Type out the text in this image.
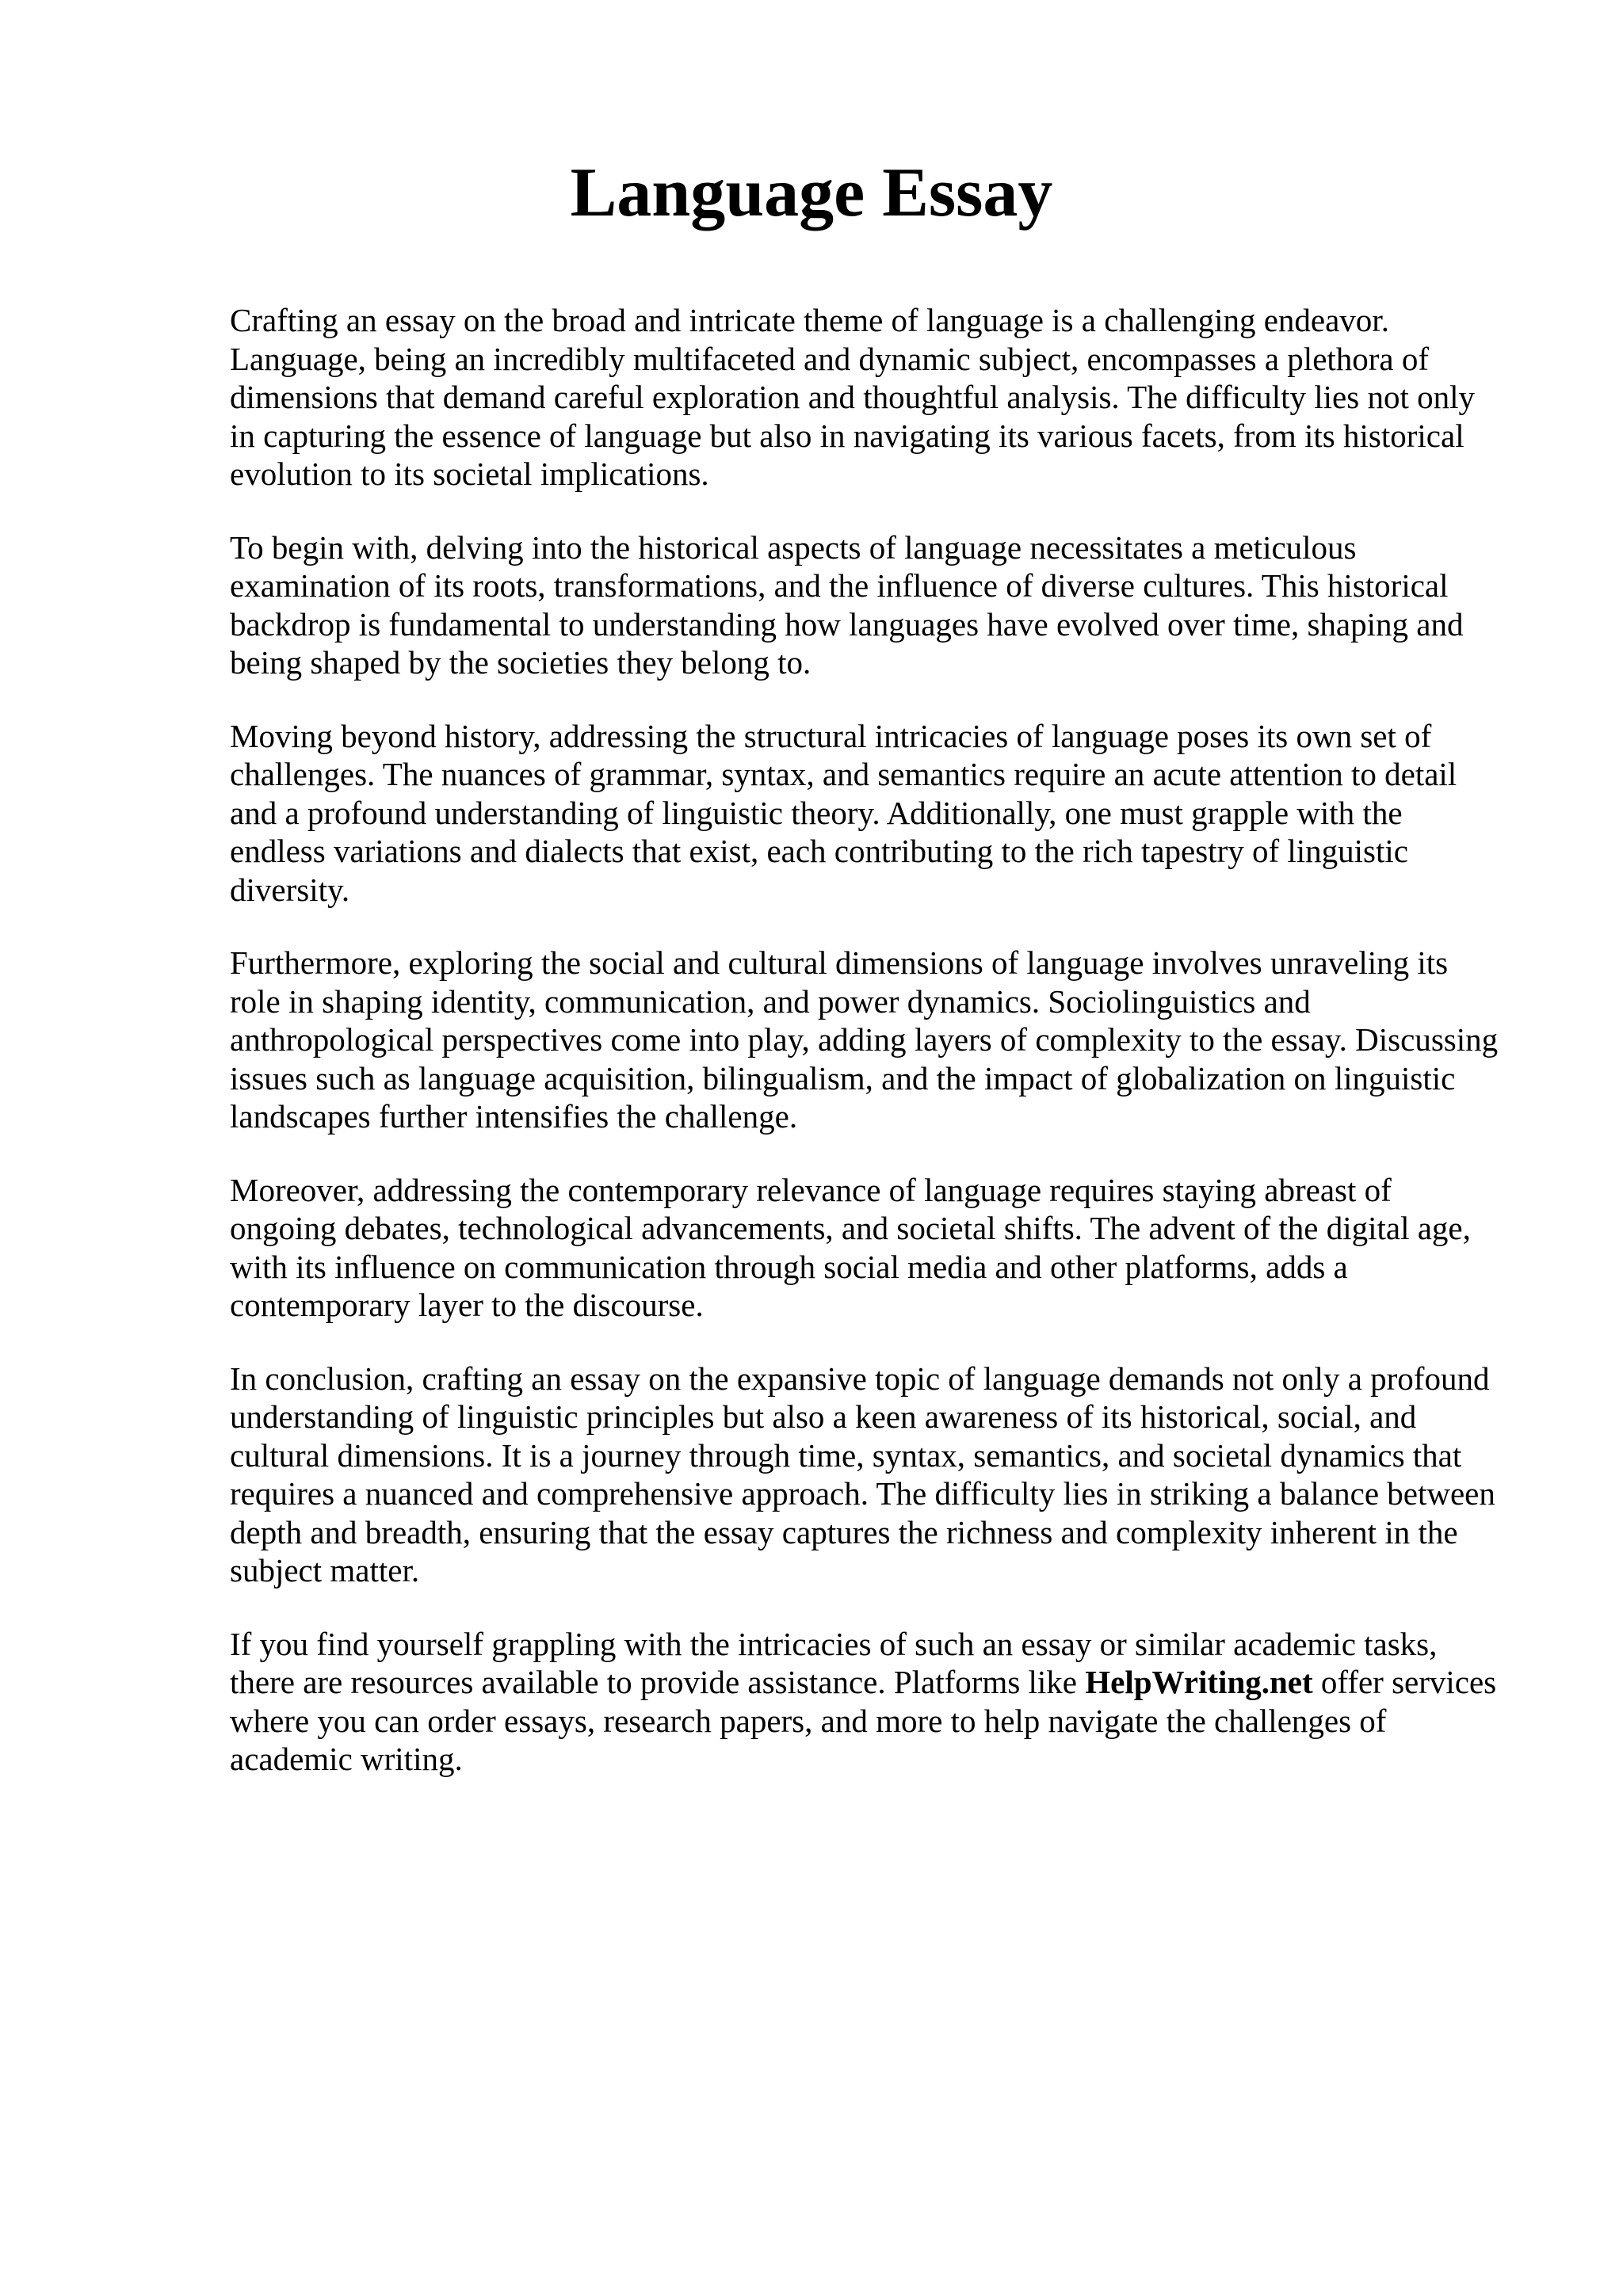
Language Essay

Crafting an essay on the broad and intricate theme of language is a challenging endeavor.
Language, being an incredibly multifaceted and dynamic subject, encompasses a plethora of
dimensions that demand careful exploration and thoughtful analysis. The difficulty lies not only
in capturing the essence of language but also in navigating its various facets, from its historical
evolution to its societal implications.

To begin with, delving into the historical aspects of language necessitates a meticulous
examination of its roots, transformations, and the influence of diverse cultures. This historical
backdrop is fundamental to understanding how languages have evolved over time, shaping and
being shaped by the societies they belong to.

Moving beyond history, addressing the structural intricacies of language poses its own set of
challenges. The nuances of grammar, syntax, and semantics require an acute attention to detail
and a profound understanding of linguistic theory. Additionally, one must grapple with the
endless variations and dialects that exist, each contributing to the rich tapestry of linguistic
diversity.

Furthermore, exploring the social and cultural dimensions of language involves unraveling its
role in shaping identity, communication, and power dynamics. Sociolinguistics and
anthropological perspectives come into play, adding layers of complexity to the essay. Discussing
issues such as language acquisition, bilingualism, and the impact of globalization on linguistic
landscapes further intensifies the challenge.

Moreover, addressing the contemporary relevance of language requires staying abreast of
ongoing debates, technological advancements, and societal shifts. The advent of the digital age,
with its influence on communication through social media and other platforms, adds a
contemporary layer to the discourse.

In conclusion, crafting an essay on the expansive topic of language demands not only a profound
understanding of linguistic principles but also a keen awareness of its historical, social, and
cultural dimensions. It is a journey through time, syntax, semantics, and societal dynamics that
requires a nuanced and comprehensive approach. The difficulty lies in striking a balance between
depth and breadth, ensuring that the essay captures the richness and complexity inherent in the
subject matter.

If you find yourself grappling with the intricacies of such an essay or similar academic tasks,
there are resources available to provide assistance. Platforms like HelpWriting.net offer services
where you can order essays, research papers, and more to help navigate the challenges of
academic writing.
